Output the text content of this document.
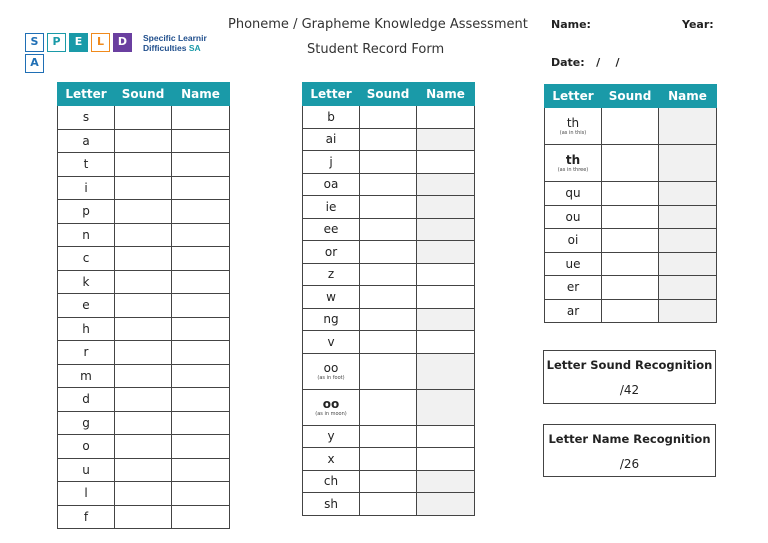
S	P	E	L	D
A
Specific Learnir
Difficulties SA
Phoneme / Grapheme Knowledge Assessment
Student Record Form
Name:	Year:
Date:   /    /
Letter	Sound	Name

s		

a		

t		

i		

p		

n		

c		

k		

e		

h		

r		

m		

d		

g		

o		

u		

l		

f		

Letter	Sound	Name

b		

ai		

j		

oa		

ie		

ee		

or		

z		

w		

ng		

v		

oo
(as in foot)		

oo
(as in moon)		

y		

x		

ch		

sh		

Letter	Sound	Name

th
(as in this)		

th
(as in three)		

qu		

ou		

oi		

ue		

er		

ar		

Letter Sound Recognition
/42
Letter Name Recognition
/26
